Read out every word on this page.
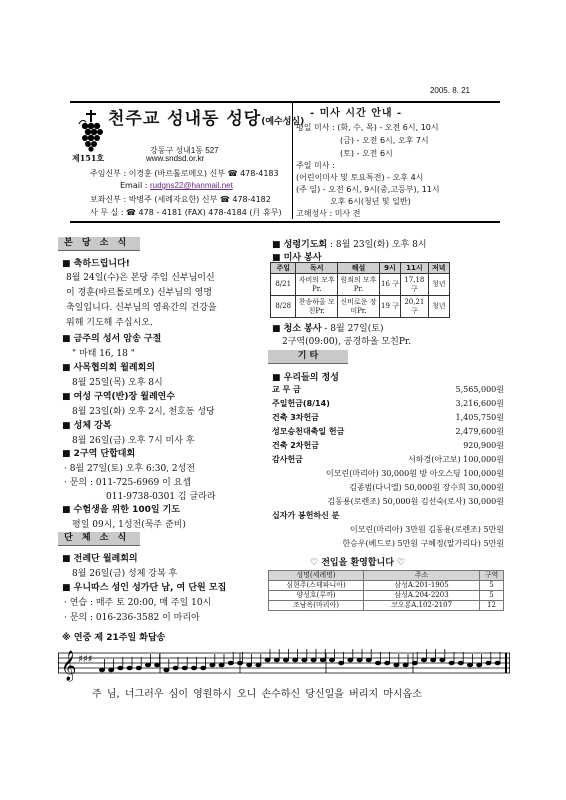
2005. 8. 21
천주교 성내동 성당(예수성심)
제151호
강동구 성내1동 527
www.sndsd.or.kr
주임신부 : 이경훈 (바르톨로메오) 신부 ☎ 478-4183
Email : rudgns22@hanmail.net
보좌신부 : 박병주 (세례자요한) 신부 ☎ 478-4182
사 무 실 : ☎ 478 - 4181 (FAX) 478-4184 (月 휴무)
- 미사 시간 안내 -
평일 미사 : (화, 수, 목) - 오전 6시, 10시
(금) - 오전 6시, 오후 7시
(토) - 오전 6시
주일 미사 :
(어린이미사 및 토요특전) - 오후 4시
(주 일) - 오전 6시, 9시(중,고등부), 11시
오후 6시(청년 및 일반)
고해성사 : 미사 전
본 당 소 식
■ 축하드립니다!
8월 24일(수)은 본당 주임 신부님이신
이 경훈(바르톨로메오) 신부님의 영명
축일입니다. 신부님의 영육간의 건강을
위해 기도해 주십시오.
■ 금주의 성서 암송 구절
" 마태 16, 18 "
■ 사목협의회 월례회의
8월 25일(목) 오후 8시
■ 여성 구역(반)장 월례연수
8월 23일(화) 오후 2시, 천호동 성당
■ 성체 강복
8월 26일(금) 오후 7시 미사 후
■ 2구역 단합대회
· 8월 27일(토) 오후 6:30, 2성전
· 문의 : 011-725-6969 이 요셉
011-9738-0301 김 글라라
■ 수험생을 위한 100일 기도
평일 09시, 1성전(묵주 준비)
단 체 소 식
■ 전례단 월례회의
8월 26일(금) 성체 강복 후
■ 우니따스 성인 성가단 남, 여 단원 모집
· 연습 : 매주 토 20:00, 매 주일 10시
· 문의 : 016-236-3582 이 마리아
■ 성령기도회 : 8월 23일(화) 오후 8시
■ 미사 봉사
주일	독서	해설	9시	11시	저녁
8/21	자비의 모후Pr.	원죄의 모후Pr.	16 구	17,18 구	청년
8/28	찬송하올 모친Pr.	신비로운 장미Pr.	19 구	20,21 구	청년
■ 청소 봉사 - 8월 27일(토)
2구역(09:00), 공경하올 모친Pr.
기 타
■ 우리들의 정성
교 무 금	5,565,000원
주일헌금(8/14)	3,216,600원
건축 3차헌금	1,405,750원
성모승천대축일 헌금	2,479,600원
건축 2차헌금	920,900원
감사헌금	서하경(아고보) 100,000원
이모린(마리아) 30,000원 방 아오스딩 100,000원
김종범(다니엘) 50,000원 장수희 30,000원
김동용(로렌조) 50,000원 김선숙(로사) 30,000원
십자가 봉헌하신 분
이모린(마리아) 3만원 김동용(로렌조) 5만원
한승우(베드로) 5만원 구혜정(말가리다) 5만원
♡ 전입을 환영합니다 ♡
성명(세례명)	주소	구역
심현주(스테파니아)	삼성A.201-1905	5
양성호(루까)	삼성A.204-2203	5
조남옥(마리아)	코오롱A.102-2107	12
※ 연중 제 21주일 화답송
𝄞 ♯♯♯
주 님, 너그러우 심이 영원하시 오니 손수하신 당신일을 버리지 마시옵소
